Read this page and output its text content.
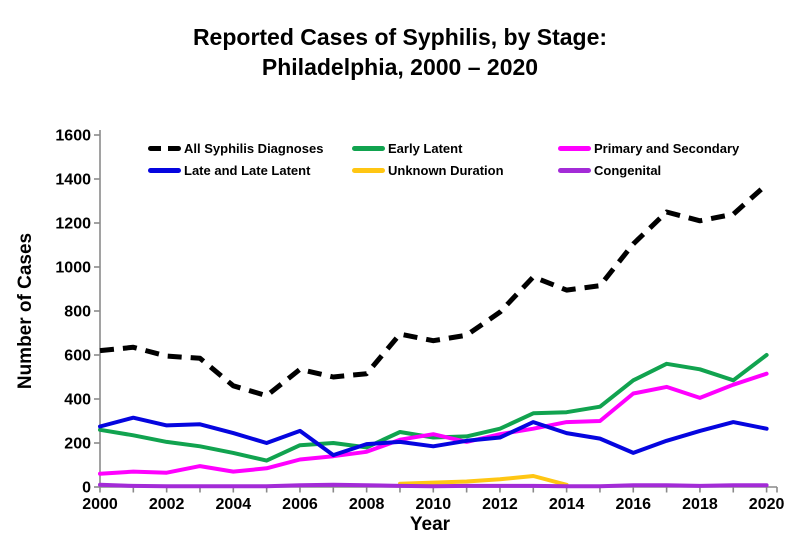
Reported Cases of Syphilis, by Stage:
Philadelphia, 2000 – 2020
All Syphilis Diagnoses	Early Latent	Primary and Secondary
Late and Late Latent	Unknown Duration	Congenital
0
200
400
600
800
1000
1200
1400
1600
2000 2002 2004 2006 2008 2010 2012 2014 2016 2018 2020
Number of Cases
Year
